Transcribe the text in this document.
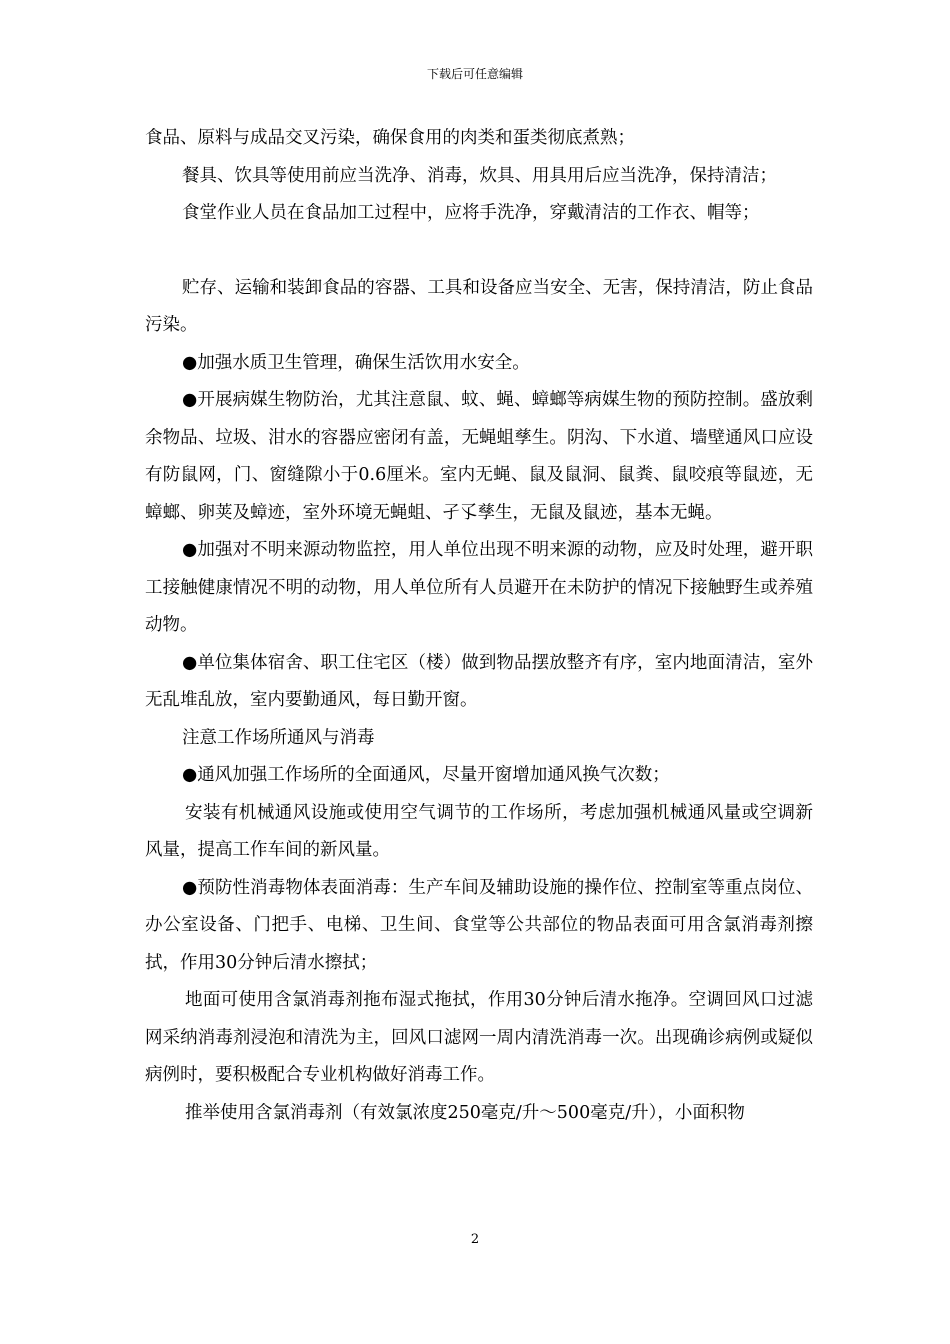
下载后可任意编辑

食品、原料与成品交叉污染，确保食用的肉类和蛋类彻底煮熟；

餐具、饮具等使用前应当洗净、消毒，炊具、用具用后应当洗净，保持清洁；

食堂作业人员在食品加工过程中，应将手洗净，穿戴清洁的工作衣、帽等；

贮存、运输和装卸食品的容器、工具和设备应当安全、无害，保持清洁，防止食品污染。

●加强水质卫生管理，确保生活饮用水安全。

●开展病媒生物防治，尤其注意鼠、蚊、蝇、蟑螂等病媒生物的预防控制。盛放剩余物品、垃圾、泔水的容器应密闭有盖，无蝇蛆孳生。阴沟、下水道、墙壁通风口应设有防鼠网，门、窗缝隙小于0.6厘米。室内无蝇、鼠及鼠洞、鼠粪、鼠咬痕等鼠迹，无蟑螂、卵荚及蟑迹，室外环境无蝇蛆、孑孓孳生，无鼠及鼠迹，基本无蝇。

●加强对不明来源动物监控，用人单位出现不明来源的动物，应及时处理，避开职工接触健康情况不明的动物，用人单位所有人员避开在未防护的情况下接触野生或养殖动物。

●单位集体宿舍、职工住宅区（楼）做到物品摆放整齐有序，室内地面清洁，室外无乱堆乱放，室内要勤通风，每日勤开窗。

注意工作场所通风与消毒

●通风加强工作场所的全面通风，尽量开窗增加通风换气次数；

安装有机械通风设施或使用空气调节的工作场所，考虑加强机械通风量或空调新风量，提高工作车间的新风量。

●预防性消毒物体表面消毒：生产车间及辅助设施的操作位、控制室等重点岗位、办公室设备、门把手、电梯、卫生间、食堂等公共部位的物品表面可用含氯消毒剂擦拭，作用30分钟后清水擦拭；

地面可使用含氯消毒剂拖布湿式拖拭，作用30分钟后清水拖净。空调回风口过滤网采纳消毒剂浸泡和清洗为主，回风口滤网一周内清洗消毒一次。出现确诊病例或疑似病例时，要积极配合专业机构做好消毒工作。

推举使用含氯消毒剂（有效氯浓度250毫克/升～500毫克/升），小面积物

2
